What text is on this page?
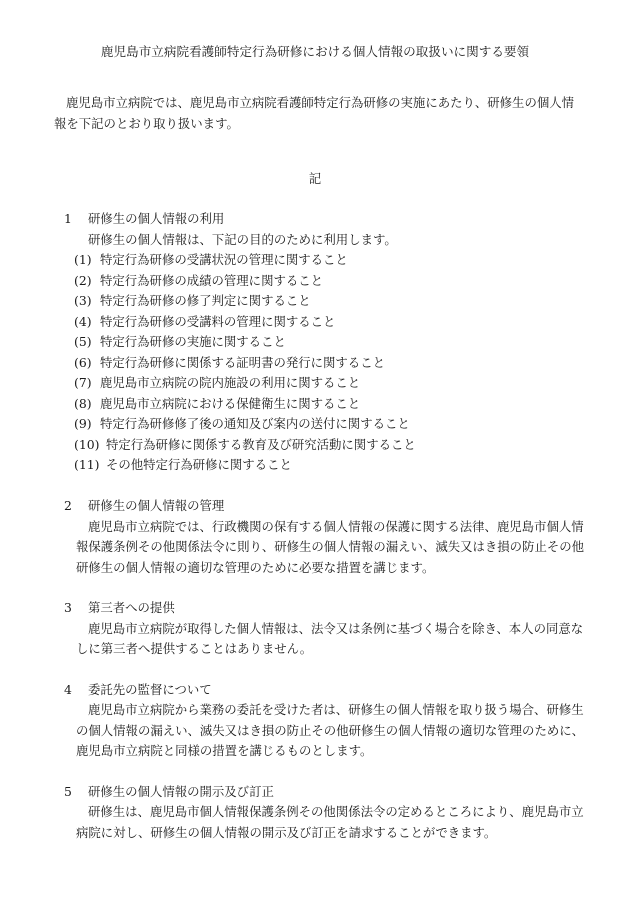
鹿児島市立病院看護師特定行為研修における個人情報の取扱いに関する要領
鹿児島市立病院では、鹿児島市立病院看護師特定行為研修の実施にあたり、研修生の個人情
報を下記のとおり取り扱います。
記
1 研修生の個人情報の利用
研修生の個人情報は、下記の目的のために利用します。
(1) 特定行為研修の受講状況の管理に関すること
(2) 特定行為研修の成績の管理に関すること
(3) 特定行為研修の修了判定に関すること
(4) 特定行為研修の受講料の管理に関すること
(5) 特定行為研修の実施に関すること
(6) 特定行為研修に関係する証明書の発行に関すること
(7) 鹿児島市立病院の院内施設の利用に関すること
(8) 鹿児島市立病院における保健衛生に関すること
(9) 特定行為研修修了後の通知及び案内の送付に関すること
(10) 特定行為研修に関係する教育及び研究活動に関すること
(11) その他特定行為研修に関すること
2 研修生の個人情報の管理
鹿児島市立病院では、行政機関の保有する個人情報の保護に関する法律、鹿児島市個人情
報保護条例その他関係法令に則り、研修生の個人情報の漏えい、滅失又はき損の防止その他
研修生の個人情報の適切な管理のために必要な措置を講じます。
3 第三者への提供
鹿児島市立病院が取得した個人情報は、法令又は条例に基づく場合を除き、本人の同意な
しに第三者へ提供することはありません。
4 委託先の監督について
鹿児島市立病院から業務の委託を受けた者は、研修生の個人情報を取り扱う場合、研修生
の個人情報の漏えい、滅失又はき損の防止その他研修生の個人情報の適切な管理のために、
鹿児島市立病院と同様の措置を講じるものとします。
5 研修生の個人情報の開示及び訂正
研修生は、鹿児島市個人情報保護条例その他関係法令の定めるところにより、鹿児島市立
病院に対し、研修生の個人情報の開示及び訂正を請求することができます。
